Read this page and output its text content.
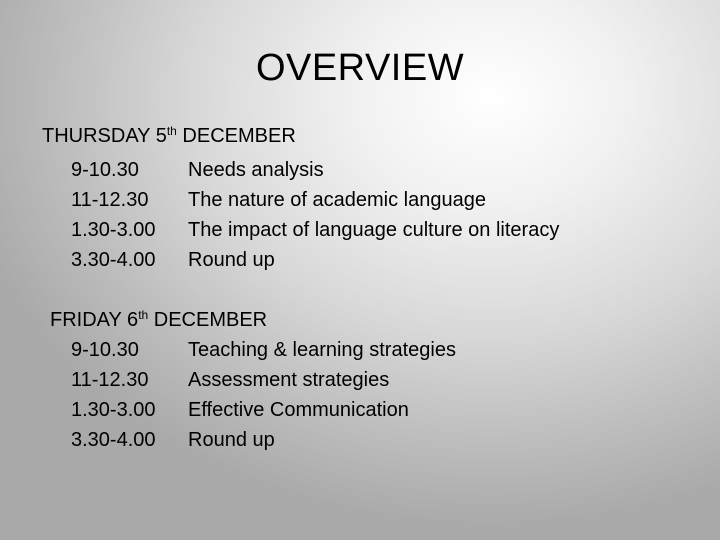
OVERVIEW
THURSDAY 5th DECEMBER
9-10.30 Needs analysis
11-12.30 The nature of academic language
1.30-3.00 The impact of language culture on literacy
3.30-4.00 Round up
FRIDAY 6th DECEMBER
9-10.30 Teaching & learning strategies
11-12.30 Assessment strategies
1.30-3.00 Effective Communication
3.30-4.00 Round up
